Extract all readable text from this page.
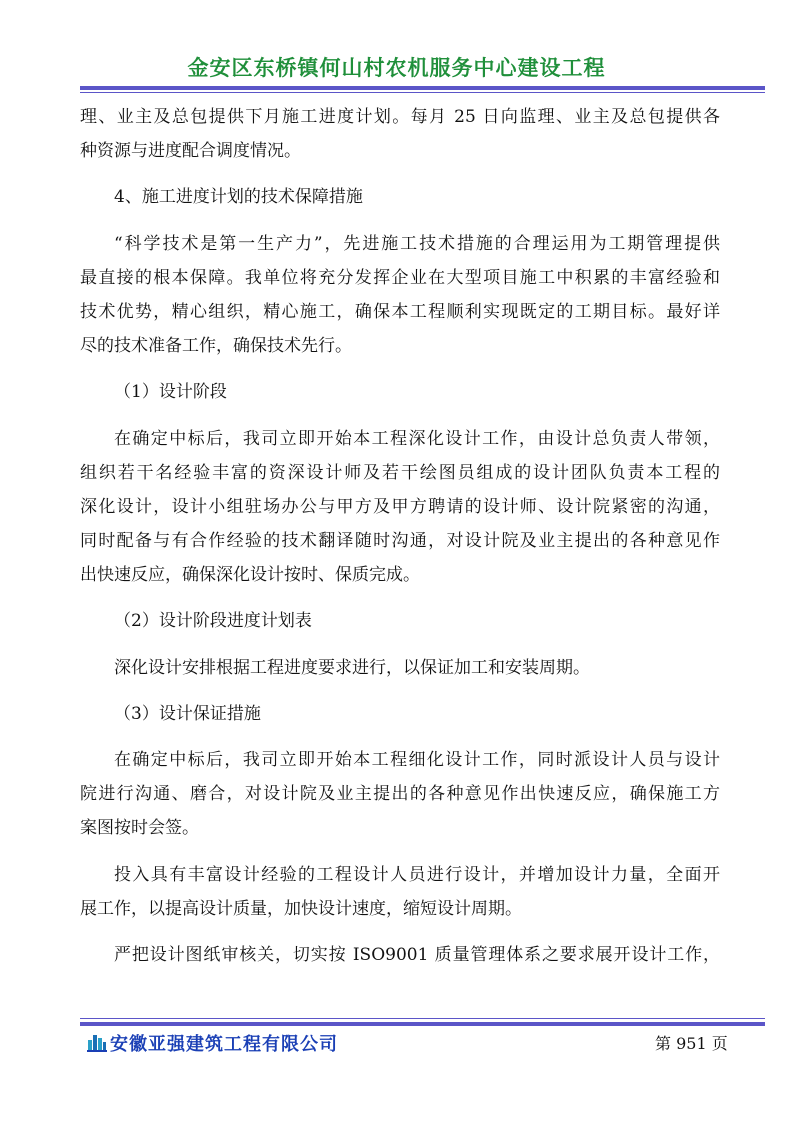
金安区东桥镇何山村农机服务中心建设工程
理、业主及总包提供下月施工进度计划。每月 25 日向监理、业主及总包提供各
种资源与进度配合调度情况。
4、施工进度计划的技术保障措施
“科学技术是第一生产力”，先进施工技术措施的合理运用为工期管理提供
最直接的根本保障。我单位将充分发挥企业在大型项目施工中积累的丰富经验和
技术优势，精心组织，精心施工，确保本工程顺利实现既定的工期目标。最好详
尽的技术准备工作，确保技术先行。
（1）设计阶段
在确定中标后，我司立即开始本工程深化设计工作，由设计总负责人带领，
组织若干名经验丰富的资深设计师及若干绘图员组成的设计团队负责本工程的
深化设计，设计小组驻场办公与甲方及甲方聘请的设计师、设计院紧密的沟通，
同时配备与有合作经验的技术翻译随时沟通，对设计院及业主提出的各种意见作
出快速反应，确保深化设计按时、保质完成。
（2）设计阶段进度计划表
深化设计安排根据工程进度要求进行，以保证加工和安装周期。
（3）设计保证措施
在确定中标后，我司立即开始本工程细化设计工作，同时派设计人员与设计
院进行沟通、磨合，对设计院及业主提出的各种意见作出快速反应，确保施工方
案图按时会签。
投入具有丰富设计经验的工程设计人员进行设计，并增加设计力量，全面开
展工作，以提高设计质量，加快设计速度，缩短设计周期。
严把设计图纸审核关，切实按 ISO9001 质量管理体系之要求展开设计工作，
安徽亚强建筑工程有限公司	第 951 页
